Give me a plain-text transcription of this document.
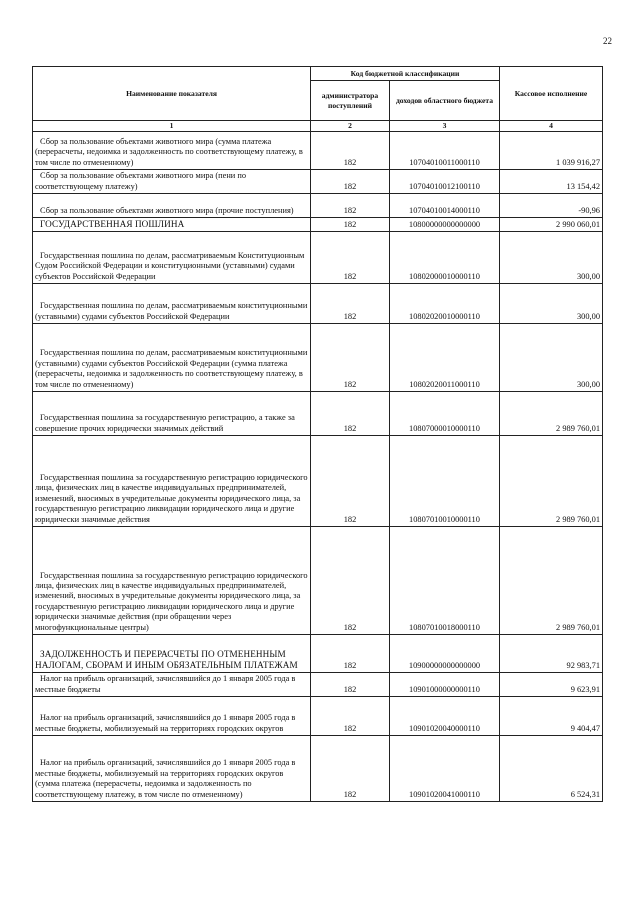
22
Наименование показателя	Код бюджетной классификации		Кассовое исполнение
	администратора поступлений	доходов областного бюджета	
1	2	3	4
Сбор за пользование объектами животного мира (сумма платежа (перерасчеты, недоимка и задолженность по соответствующему платежу, в том числе по отмененному)	182	10704010011000110	1 039 916,27
Сбор за пользование объектами животного мира (пени по соответствующему платежу)	182	10704010012100110	13 154,42
Сбор за пользование объектами животного мира (прочие поступления)	182	10704010014000110	-90,96
ГОСУДАРСТВЕННАЯ ПОШЛИНА	182	10800000000000000	2 990 060,01
Государственная пошлина по делам, рассматриваемым Конституционным Судом Российской Федерации и конституционными (уставными) судами субъектов Российской Федерации	182	10802000010000110	300,00
Государственная пошлина по делам, рассматриваемым конституционными (уставными) судами субъектов Российской Федерации	182	10802020010000110	300,00
Государственная пошлина по делам, рассматриваемым конституционными (уставными) судами субъектов Российской Федерации (сумма платежа (перерасчеты, недоимка и задолженность по соответствующему платежу, в том числе по отмененному)	182	10802020011000110	300,00
Государственная пошлина за государственную регистрацию, а также за совершение прочих юридически значимых действий	182	10807000010000110	2 989 760,01
Государственная пошлина за государственную регистрацию юридического лица, физических лиц в качестве индивидуальных предпринимателей, изменений, вносимых в учредительные документы юридического лица, за государственную регистрацию ликвидации юридического лица и другие юридически значимые действия	182	10807010010000110	2 989 760,01
Государственная пошлина за государственную регистрацию юридического лица, физических лиц в качестве индивидуальных предпринимателей, изменений, вносимых в учредительные документы юридического лица, за государственную регистрацию ликвидации юридического лица и другие юридически значимые действия (при обращении через многофункциональные центры)	182	10807010018000110	2 989 760,01
ЗАДОЛЖЕННОСТЬ И ПЕРЕРАСЧЕТЫ ПО ОТМЕНЕННЫМ НАЛОГАМ, СБОРАМ И ИНЫМ ОБЯЗАТЕЛЬНЫМ ПЛАТЕЖАМ	182	10900000000000000	92 983,71
Налог на прибыль организаций, зачислявшийся до 1 января 2005 года в местные бюджеты	182	10901000000000110	9 623,91
Налог на прибыль организаций, зачислявшийся до 1 января 2005 года в местные бюджеты, мобилизуемый на территориях городских округов	182	10901020040000110	9 404,47
Налог на прибыль организаций, зачислявшийся до 1 января 2005 года в местные бюджеты, мобилизуемый на территориях городских округов (сумма платежа (перерасчеты, недоимка и задолженность по соответствующему платежу, в том числе по отмененному)	182	10901020041000110	6 524,31
